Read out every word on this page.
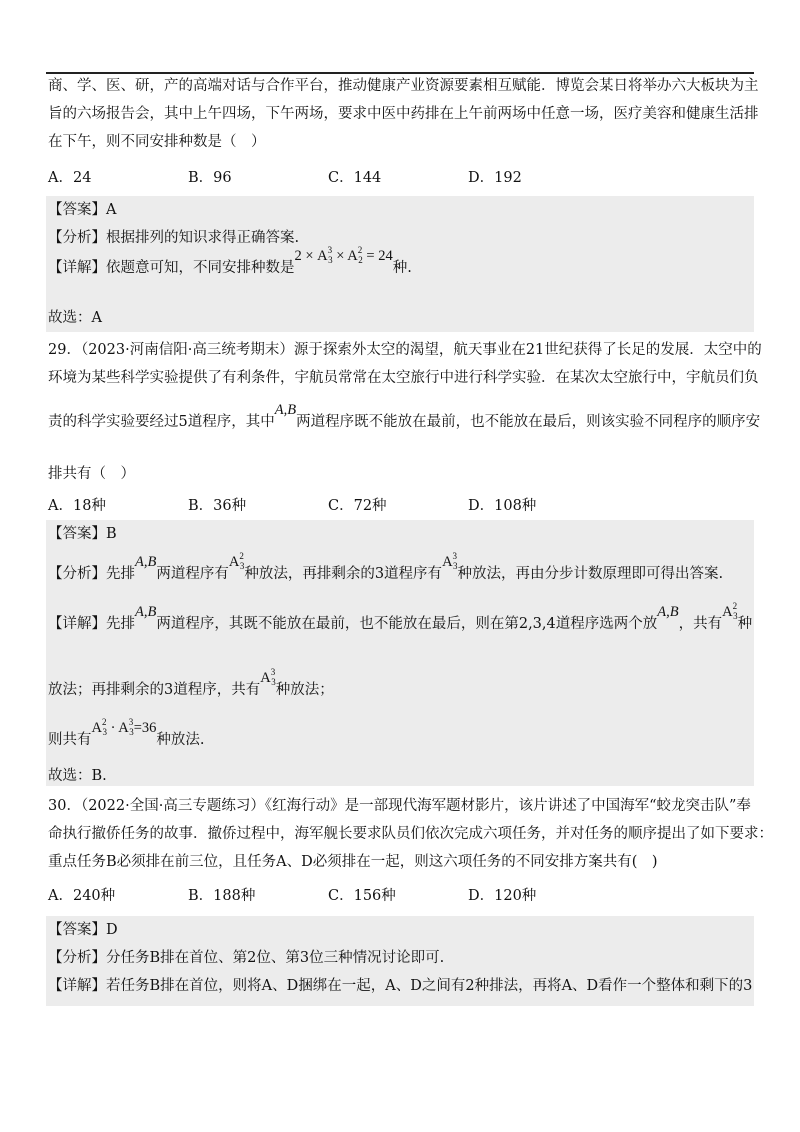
商、学、医、研，产的高端对话与合作平台，推动健康产业资源要素相互赋能．博览会某日将举办六大板块为主
旨的六场报告会，其中上午四场，下午两场，要求中医中药排在上午前两场中任意一场，医疗美容和健康生活排
在下午，则不同安排种数是（　）
A．24	B．96	C．144	D．192
【答案】A
【分析】根据排列的知识求得正确答案.
【详解】依题意可知，不同安排种数是$2 \times A^3_3 \times A^2_2 = 24$种.
故选：A
29．（2023·河南信阳·高三统考期末）源于探索外太空的渴望，航天事业在21世纪获得了长足的发展．太空中的
环境为某些科学实验提供了有利条件，宇航员常常在太空旅行中进行科学实验．在某次太空旅行中，宇航员们负
责的科学实验要经过5道程序，其中A,B两道程序既不能放在最前，也不能放在最后，则该实验不同程序的顺序安
排共有（　）
A．18种	B．36种	C．72种	D．108种
【答案】B
【分析】先排A,B两道程序有$A^2_3$种放法，再排剩余的3道程序有$A^3_3$种放法，再由分步计数原理即可得出答案.
【详解】先排A,B两道程序，其既不能放在最前，也不能放在最后，则在第2,3,4道程序选两个放A,B，共有$A^2_3$种
放法；再排剩余的3道程序，共有$A^3_3$种放法；
则共有$A^2_3 \cdot A^3_3=36$种放法.
故选：B.
30．（2022·全国·高三专题练习）《红海行动》是一部现代海军题材影片，该片讲述了中国海军“蛟龙突击队”奉
命执行撤侨任务的故事．撤侨过程中，海军舰长要求队员们依次完成六项任务，并对任务的顺序提出了如下要求：
重点任务B必须排在前三位，且任务A、D必须排在一起，则这六项任务的不同安排方案共有(　)
A．240种	B．188种	C．156种	D．120种
【答案】D
【分析】分任务B排在首位、第2位、第3位三种情况讨论即可.
【详解】若任务B排在首位，则将A、D捆绑在一起，A、D之间有2种排法，再将A、D看作一个整体和剩下的3
